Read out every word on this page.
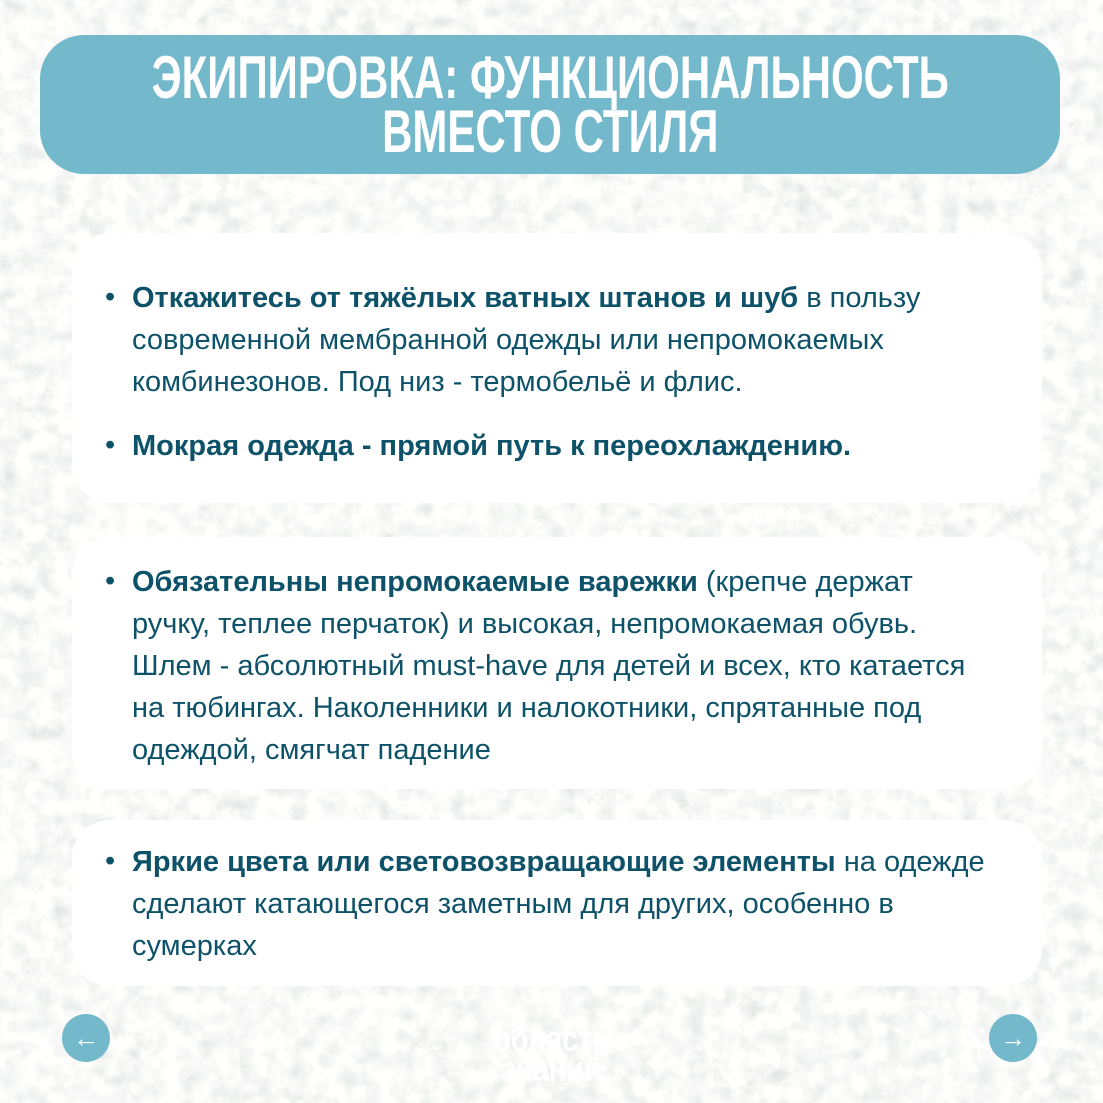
ЭКИПИРОВКА: ФУНКЦИОНАЛЬНОСТЬ
ВМЕСТО СТИЛЯ
• Откажитесь от тяжёлых ватных штанов и шуб в пользу современной мембранной одежды или непромокаемых комбинезонов. Под низ - термобельё и флис.
• Мокрая одежда - прямой путь к переохлаждению.
• Обязательны непромокаемые варежки (крепче держат ручку, теплее перчаток) и высокая, непромокаемая обувь. Шлем - абсолютный must-have для детей и всех, кто катается на тюбингах. Наколенники и налокотники, спрятанные под одеждой, смягчат падение
• Яркие цвета или световозвращающие элементы на одежде сделают катающегося заметным для других, особенно в сумерках
←	область
знаний
→
